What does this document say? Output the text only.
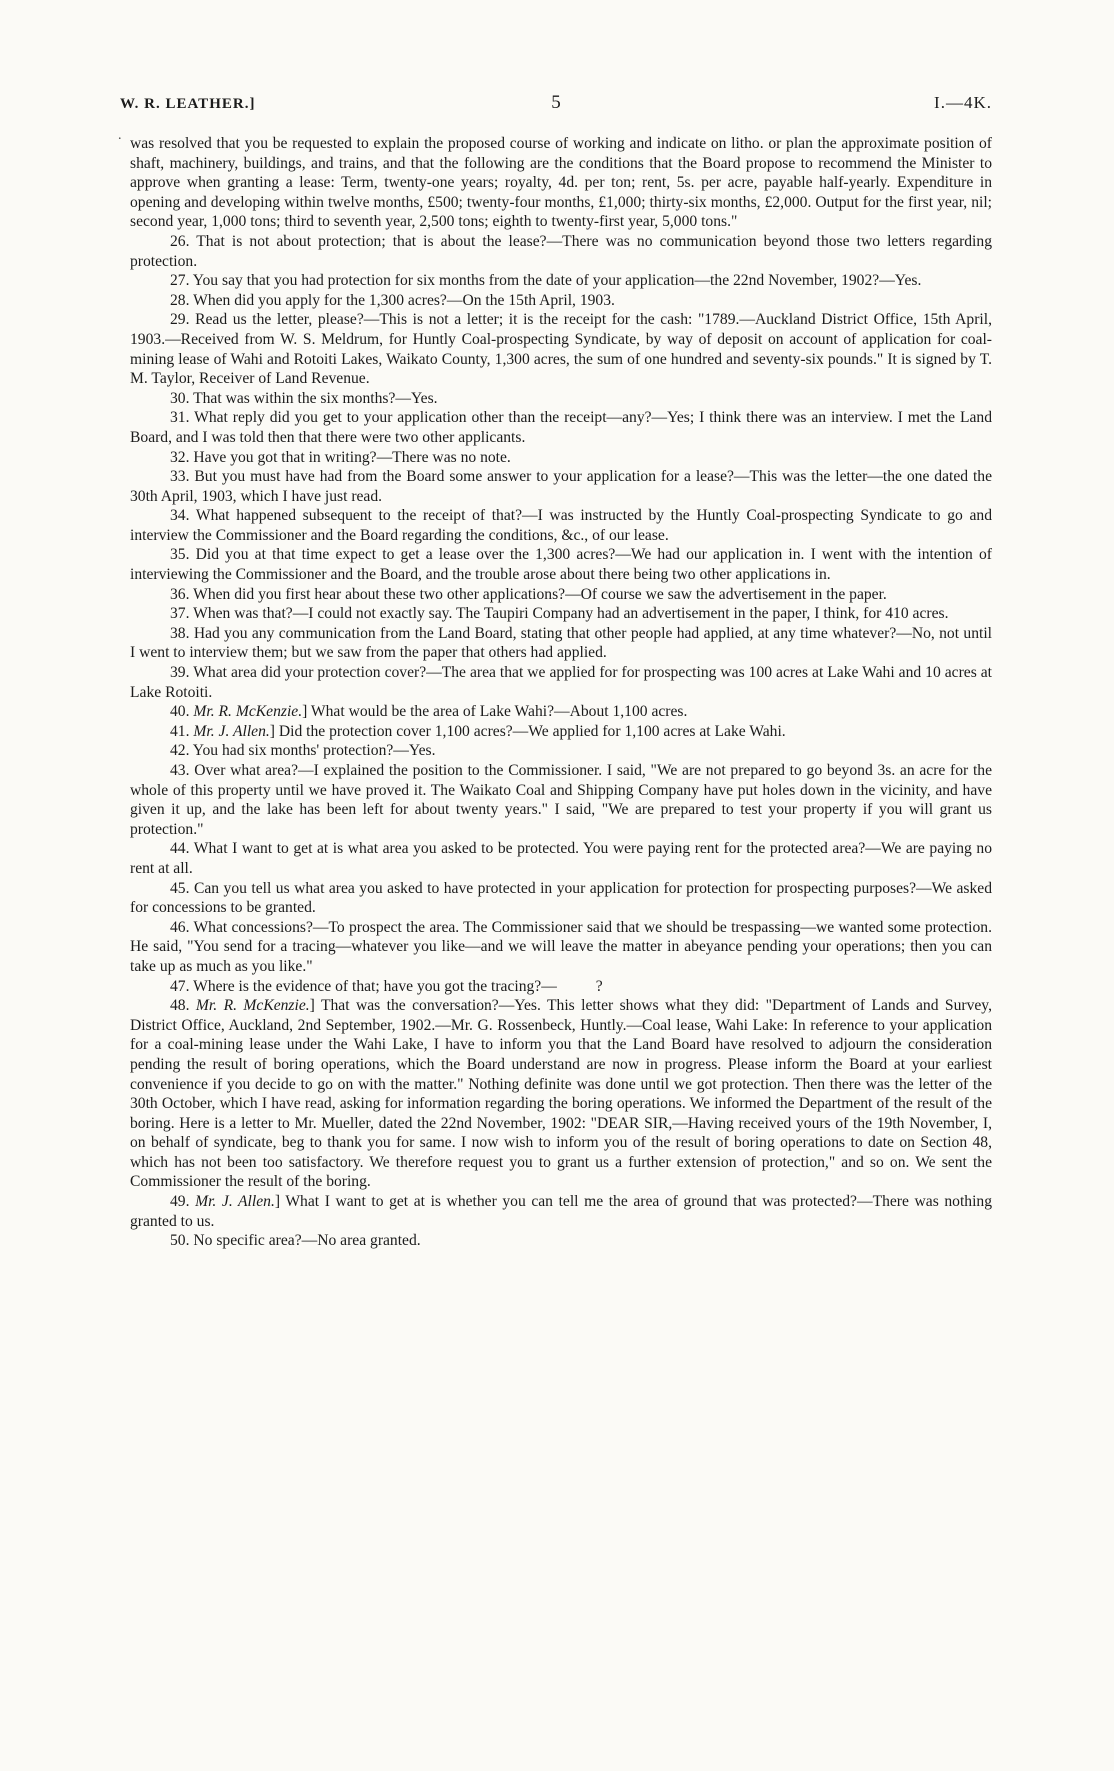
W. R. LEATHER.]	5	I.—4K.
. was resolved that you be requested to explain the proposed course of working and indicate on litho. or plan the approximate position of shaft, machinery, buildings, and trains, and that the following are the conditions that the Board propose to recommend the Minister to approve when granting a lease: Term, twenty-one years; royalty, 4d. per ton; rent, 5s. per acre, payable half-yearly. Expenditure in opening and developing within twelve months, £500; twenty-four months, £1,000; thirty-six months, £2,000. Output for the first year, nil; second year, 1,000 tons; third to seventh year, 2,500 tons; eighth to twenty-first year, 5,000 tons."

26. That is not about protection; that is about the lease?—There was no communication beyond those two letters regarding protection.

27. You say that you had protection for six months from the date of your application—the 22nd November, 1902?—Yes.

28. When did you apply for the 1,300 acres?—On the 15th April, 1903.

29. Read us the letter, please?—This is not a letter; it is the receipt for the cash: "1789.—Auckland District Office, 15th April, 1903.—Received from W. S. Meldrum, for Huntly Coal-prospecting Syndicate, by way of deposit on account of application for coal-mining lease of Wahi and Rotoiti Lakes, Waikato County, 1,300 acres, the sum of one hundred and seventy-six pounds." It is signed by T. M. Taylor, Receiver of Land Revenue.

30. That was within the six months?—Yes.

31. What reply did you get to your application other than the receipt—any?—Yes; I think there was an interview. I met the Land Board, and I was told then that there were two other applicants.

32. Have you got that in writing?—There was no note.

33. But you must have had from the Board some answer to your application for a lease?—This was the letter—the one dated the 30th April, 1903, which I have just read.

34. What happened subsequent to the receipt of that?—I was instructed by the Huntly Coal-prospecting Syndicate to go and interview the Commissioner and the Board regarding the conditions, &c., of our lease.

35. Did you at that time expect to get a lease over the 1,300 acres?—We had our application in. I went with the intention of interviewing the Commissioner and the Board, and the trouble arose about there being two other applications in.

36. When did you first hear about these two other applications?—Of course we saw the advertisement in the paper.

37. When was that?—I could not exactly say. The Taupiri Company had an advertisement in the paper, I think, for 410 acres.

38. Had you any communication from the Land Board, stating that other people had applied, at any time whatever?—No, not until I went to interview them; but we saw from the paper that others had applied.

39. What area did your protection cover?—The area that we applied for for prospecting was 100 acres at Lake Wahi and 10 acres at Lake Rotoiti.

40. Mr. R. McKenzie.] What would be the area of Lake Wahi?—About 1,100 acres.

41. Mr. J. Allen.] Did the protection cover 1,100 acres?—We applied for 1,100 acres at Lake Wahi.

42. You had six months' protection?—Yes.

43. Over what area?—I explained the position to the Commissioner. I said, "We are not prepared to go beyond 3s. an acre for the whole of this property until we have proved it. The Waikato Coal and Shipping Company have put holes down in the vicinity, and have given it up, and the lake has been left for about twenty years." I said, "We are prepared to test your property if you will grant us protection."

44. What I want to get at is what area you asked to be protected. You were paying rent for the protected area?—We are paying no rent at all.

45. Can you tell us what area you asked to have protected in your application for protection for prospecting purposes?—We asked for concessions to be granted.

46. What concessions?—To prospect the area. The Commissioner said that we should be trespassing—we wanted some protection. He said, "You send for a tracing—whatever you like—and we will leave the matter in abeyance pending your operations; then you can take up as much as you like."

47. Where is the evidence of that; have you got the tracing?—          ?

48. Mr. R. McKenzie.] That was the conversation?—Yes. This letter shows what they did: "Department of Lands and Survey, District Office, Auckland, 2nd September, 1902.—Mr. G. Rossenbeck, Huntly.—Coal lease, Wahi Lake: In reference to your application for a coal-mining lease under the Wahi Lake, I have to inform you that the Land Board have resolved to adjourn the consideration pending the result of boring operations, which the Board understand are now in progress. Please inform the Board at your earliest convenience if you decide to go on with the matter." Nothing definite was done until we got protection. Then there was the letter of the 30th October, which I have read, asking for information regarding the boring operations. We informed the Department of the result of the boring. Here is a letter to Mr. Mueller, dated the 22nd November, 1902: "DEAR SIR,—Having received yours of the 19th November, I, on behalf of syndicate, beg to thank you for same. I now wish to inform you of the result of boring operations to date on Section 48, which has not been too satisfactory. We therefore request you to grant us a further extension of protection," and so on. We sent the Commissioner the result of the boring.

49. Mr. J. Allen.] What I want to get at is whether you can tell me the area of ground that was protected?—There was nothing granted to us.

50. No specific area?—No area granted.
